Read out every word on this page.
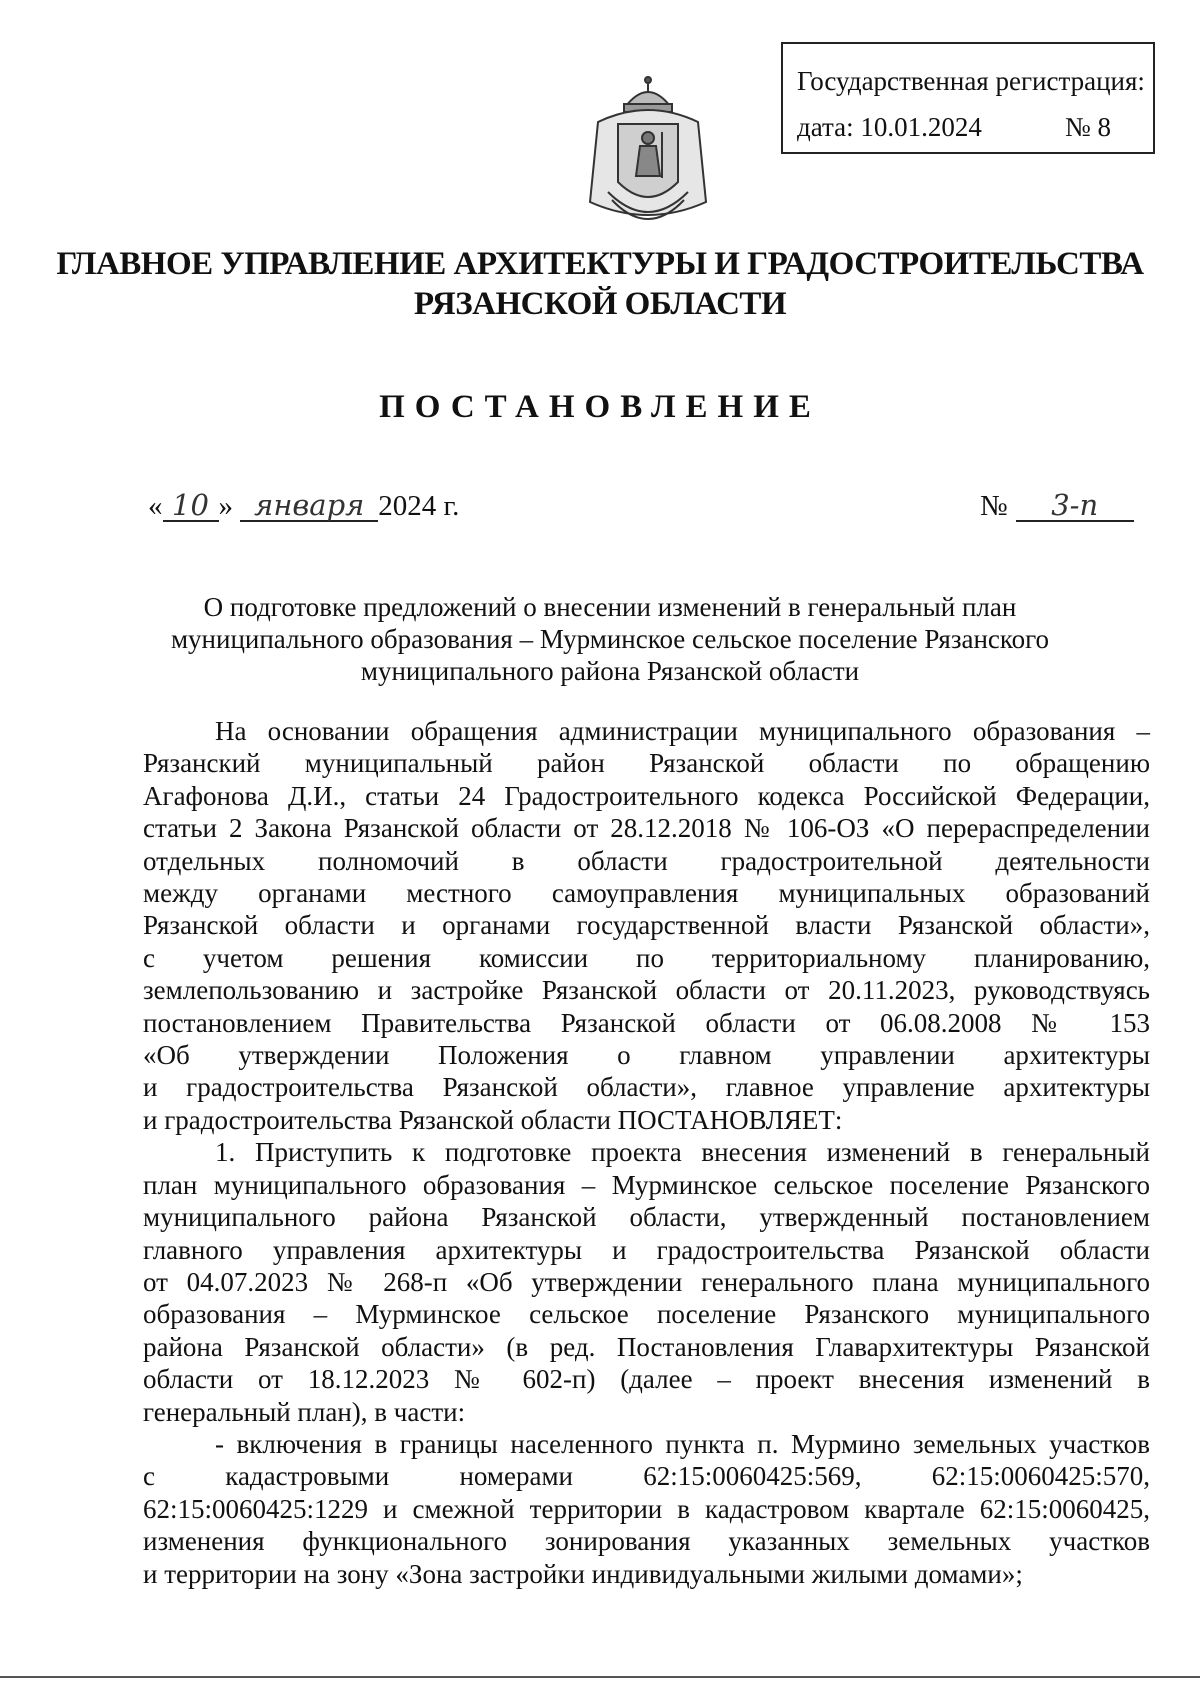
Государственная регистрация:
дата: 10.01.2024	№ 8
ГЛАВНОЕ УПРАВЛЕНИЕ АРХИТЕКТУРЫ И ГРАДОСТРОИТЕЛЬСТВА
РЯЗАНСКОЙ ОБЛАСТИ
ПОСТАНОВЛЕНИЕ
« 10 » января 2024 г.	№ 3-п
О подготовке предложений о внесении изменений в генеральный план
муниципального образования – Мурминское сельское поселение Рязанского
муниципального района Рязанской области
На основании обращения администрации муниципального образования –
Рязанский муниципальный район Рязанской области по обращению
Агафонова Д.И., статьи 24 Градостроительного кодекса Российской Федерации,
статьи 2 Закона Рязанской области от 28.12.2018 № 106-ОЗ «О перераспределении
отдельных полномочий в области градостроительной деятельности
между органами местного самоуправления муниципальных образований
Рязанской области и органами государственной власти Рязанской области»,
с учетом решения комиссии по территориальному планированию,
землепользованию и застройке Рязанской области от 20.11.2023, руководствуясь
постановлением Правительства Рязанской области от 06.08.2008 № 153
«Об утверждении Положения о главном управлении архитектуры
и градостроительства Рязанской области», главное управление архитектуры
и градостроительства Рязанской области ПОСТАНОВЛЯЕТ:
1. Приступить к подготовке проекта внесения изменений в генеральный
план муниципального образования – Мурминское сельское поселение Рязанского
муниципального района Рязанской области, утвержденный постановлением
главного управления архитектуры и градостроительства Рязанской области
от 04.07.2023 № 268-п «Об утверждении генерального плана муниципального
образования – Мурминское сельское поселение Рязанского муниципального
района Рязанской области» (в ред. Постановления Главархитектуры Рязанской
области от 18.12.2023 № 602-п) (далее – проект внесения изменений в
генеральный план), в части:
- включения в границы населенного пункта п. Мурмино земельных участков
с кадастровыми номерами 62:15:0060425:569, 62:15:0060425:570,
62:15:0060425:1229 и смежной территории в кадастровом квартале 62:15:0060425,
изменения функционального зонирования указанных земельных участков
и территории на зону «Зона застройки индивидуальными жилыми домами»;
